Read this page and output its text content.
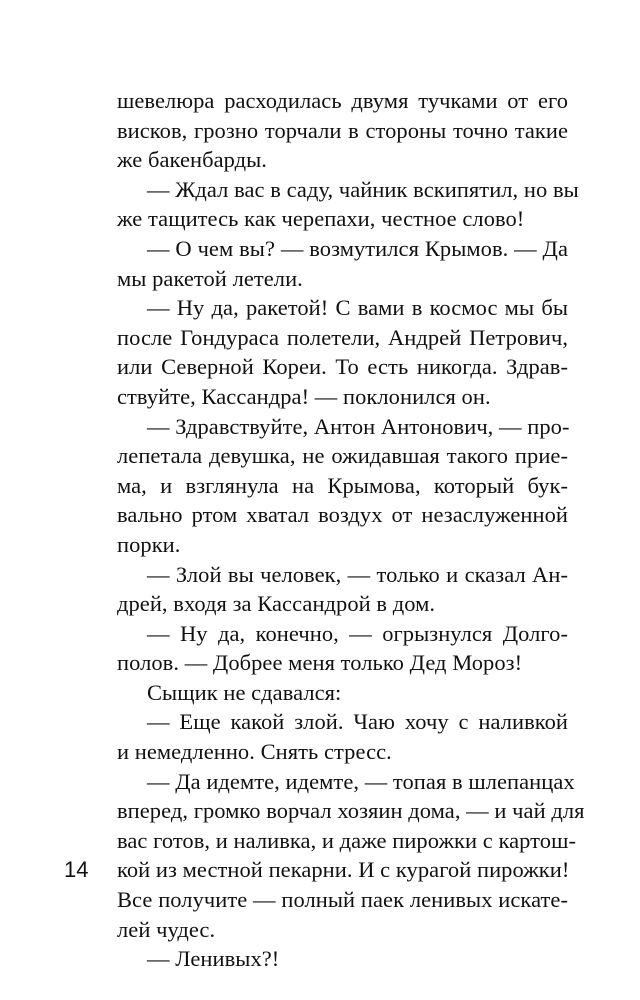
шевелюра расходилась двумя тучками от его
висков, грозно торчали в стороны точно такие
же бакенбарды.
— Ждал вас в саду, чайник вскипятил, но вы
же тащитесь как черепахи, честное слово!
— О чем вы? — возмутился Крымов. — Да
мы ракетой летели.
— Ну да, ракетой! С вами в космос мы бы
после Гондураса полетели, Андрей Петрович,
или Северной Кореи. То есть никогда. Здрав-
ствуйте, Кассандра! — поклонился он.
— Здравствуйте, Антон Антонович, — про-
лепетала девушка, не ожидавшая такого прие-
ма, и взглянула на Крымова, который бук-
вально ртом хватал воздух от незаслуженной
порки.
— Злой вы человек, — только и сказал Ан-
дрей, входя за Кассандрой в дом.
— Ну да, конечно, — огрызнулся Долго-
полов. — Добрее меня только Дед Мороз!
Сыщик не сдавался:
— Еще какой злой. Чаю хочу с наливкой
и немедленно. Снять стресс.
— Да идемте, идемте, — топая в шлепанцах
вперед, громко ворчал хозяин дома, — и чай для
вас готов, и наливка, и даже пирожки с картош-
кой из местной пекарни. И с курагой пирожки!
Все получите — полный паек ленивых искате-
лей чудес.
— Ленивых?!
14
